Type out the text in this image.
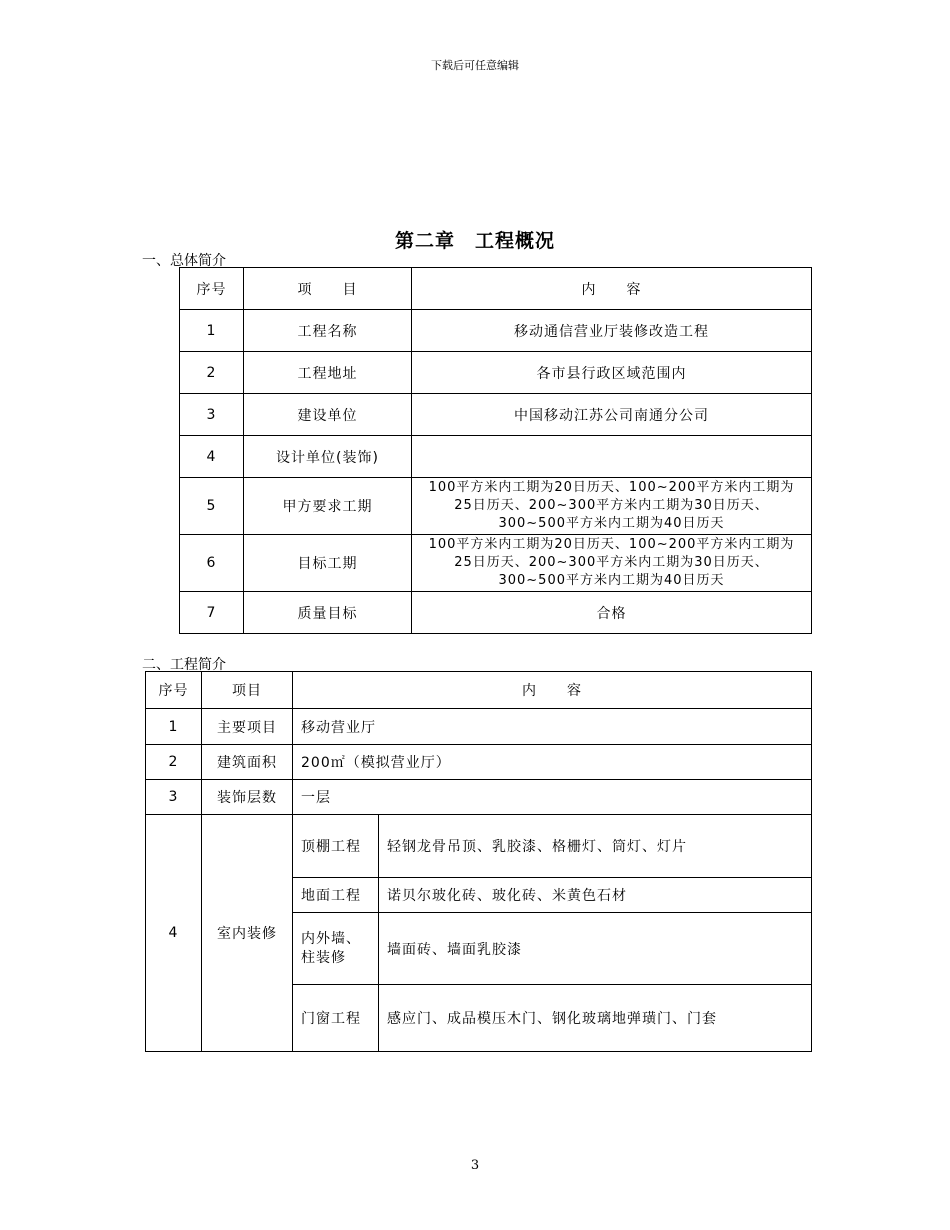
下载后可任意编辑
第二章　工程概况
一、总体简介
序号	项　　目	内　　容
1	工程名称	移动通信营业厅装修改造工程
2	工程地址	各市县行政区域范围内
3	建设单位	中国移动江苏公司南通分公司
4	设计单位(装饰)	
5	甲方要求工期	100平方米内工期为20日历天、100~200平方米内工期为25日历天、200~300平方米内工期为30日历天、300~500平方米内工期为40日历天
6	目标工期	100平方米内工期为20日历天、100~200平方米内工期为25日历天、200~300平方米内工期为30日历天、300~500平方米内工期为40日历天
7	质量目标	合格
二、工程简介
序号	项目	内　　容	
1	主要项目	移动营业厅	
2	建筑面积	200㎡（模拟营业厅）	
3	装饰层数	一层	
4	室内装修	顶棚工程	轻钢龙骨吊顶、乳胶漆、格栅灯、筒灯、灯片
		地面工程	诺贝尔玻化砖、玻化砖、米黄色石材
		内外墙、柱装修	墙面砖、墙面乳胶漆
		门窗工程	感应门、成品模压木门、钢化玻璃地弹璜门、门套
3
